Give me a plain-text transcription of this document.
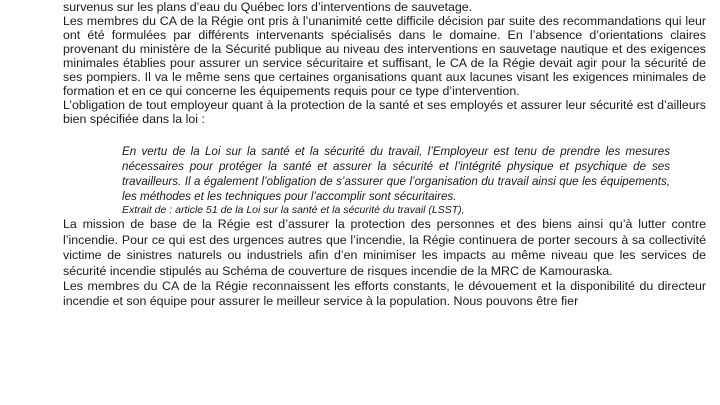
survenus sur les plans d’eau du Québec lors d’interventions de sauvetage.

Les membres du CA de la Régie ont pris à l’unanimité cette difficile décision par suite des recommandations qui leur ont été formulées par différents intervenants spécialisés dans le domaine. En l’absence d’orientations claires provenant du ministère de la Sécurité publique au niveau des interventions en sauvetage nautique et des exigences minimales établies pour assurer un service sécuritaire et suffisant, le CA de la Régie devait agir pour la sécurité de ses pompiers. Il va le même sens que certaines organisations quant aux lacunes visant les exigences minimales de formation et en ce qui concerne les équipements requis pour ce type d’intervention.

L’obligation de tout employeur quant à la protection de la santé et ses employés et assurer leur sécurité est d’ailleurs bien spécifiée dans la loi :

En vertu de la Loi sur la santé et la sécurité du travail, l’Employeur est tenu de prendre les mesures nécessaires pour protéger la santé et assurer la sécurité et l’intégrité physique et psychique de ses travailleurs. Il a également l’obligation de s’assurer que l’organisation du travail ainsi que les équipements, les méthodes et les techniques pour l’accomplir sont sécuritaires.

Extrait de : article 51 de la Loi sur la santé et la sécurité du travail (LSST),

La mission de base de la Régie est d’assurer la protection des personnes et des biens ainsi qu’à lutter contre l’incendie. Pour ce qui est des urgences autres que l’incendie, la Régie continuera de porter secours à sa collectivité victime de sinistres naturels ou industriels afin d’en minimiser les impacts au même niveau que les services de sécurité incendie stipulés au Schéma de couverture de risques incendie de la MRC de Kamouraska.

Les membres du CA de la Régie reconnaissent les efforts constants, le dévouement et la disponibilité du directeur incendie et son équipe pour assurer le meilleur service à la population. Nous pouvons être fier
